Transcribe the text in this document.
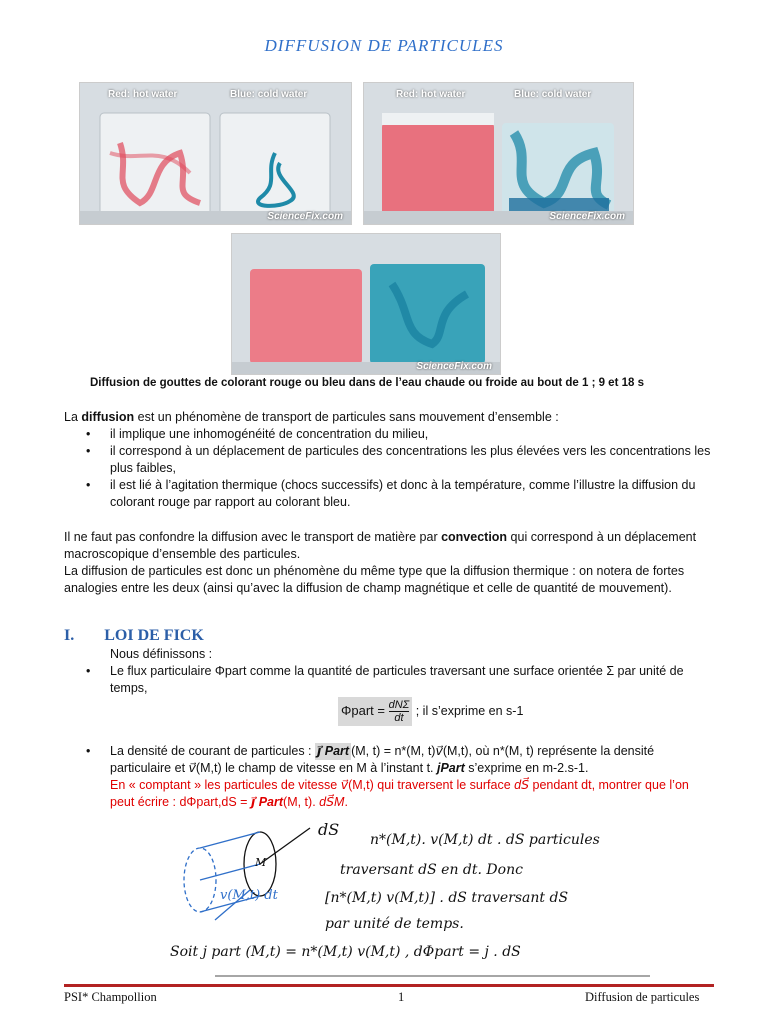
DIFFUSION DE PARTICULES
Red: hot water	Blue: cold water
ScienceFix.com
Red: hot water	Blue: cold water
ScienceFix.com
ScienceFix.com
Diffusion de gouttes de colorant rouge ou bleu dans de l’eau chaude ou froide au bout de 1 ; 9 et 18 s
La diffusion est un phénomène de transport de particules sans mouvement d’ensemble :
• il implique une inhomogénéité de concentration du milieu,
• il correspond à un déplacement de particules des concentrations les plus élevées vers les concentrations les plus faibles,
• il est lié à l’agitation thermique (chocs successifs) et donc à la température, comme l’illustre la diffusion du colorant rouge par rapport au colorant bleu.
Il ne faut pas confondre la diffusion avec le transport de matière par convection qui correspond à un déplacement macroscopique d’ensemble des particules.
La diffusion de particules est donc un phénomène du même type que la diffusion thermique : on notera de fortes analogies entre les deux (ainsi qu’avec la diffusion de champ magnétique et celle de quantité de mouvement).
I. LOI DE FICK
Nous définissons :
• Le flux particulaire Φpart comme la quantité de particules traversant une surface orientée Σ par unité de temps,
Φpart = dNΣ
dt
; il s’exprime en s-1
• La densité de courant de particules : j⃗ Part (M, t) = n*(M, t)v⃗(M,t), où n*(M, t) représente la densité particulaire et v⃗(M,t) le champ de vitesse en M à l’instant t. jPart s’exprime en m-2.s-1.
En « comptant » les particules de vitesse v⃗(M,t) qui traversent le surface dS⃗ pendant dt, montrer que l’on peut écrire : dΦpart,dS = j⃗ Part(M, t). dS⃗M.
dS
n*(M,t). v(M,t) dt . dS particules
M	traversant dS en dt. Donc
v(M,t) dt	[n*(M,t) v(M,t)] . dS traversant dS
par unité de temps.
Soit j part (M,t) = n*(M,t) v(M,t) , dΦpart = j . dS
PSI* Champollion	1	Diffusion de particules
